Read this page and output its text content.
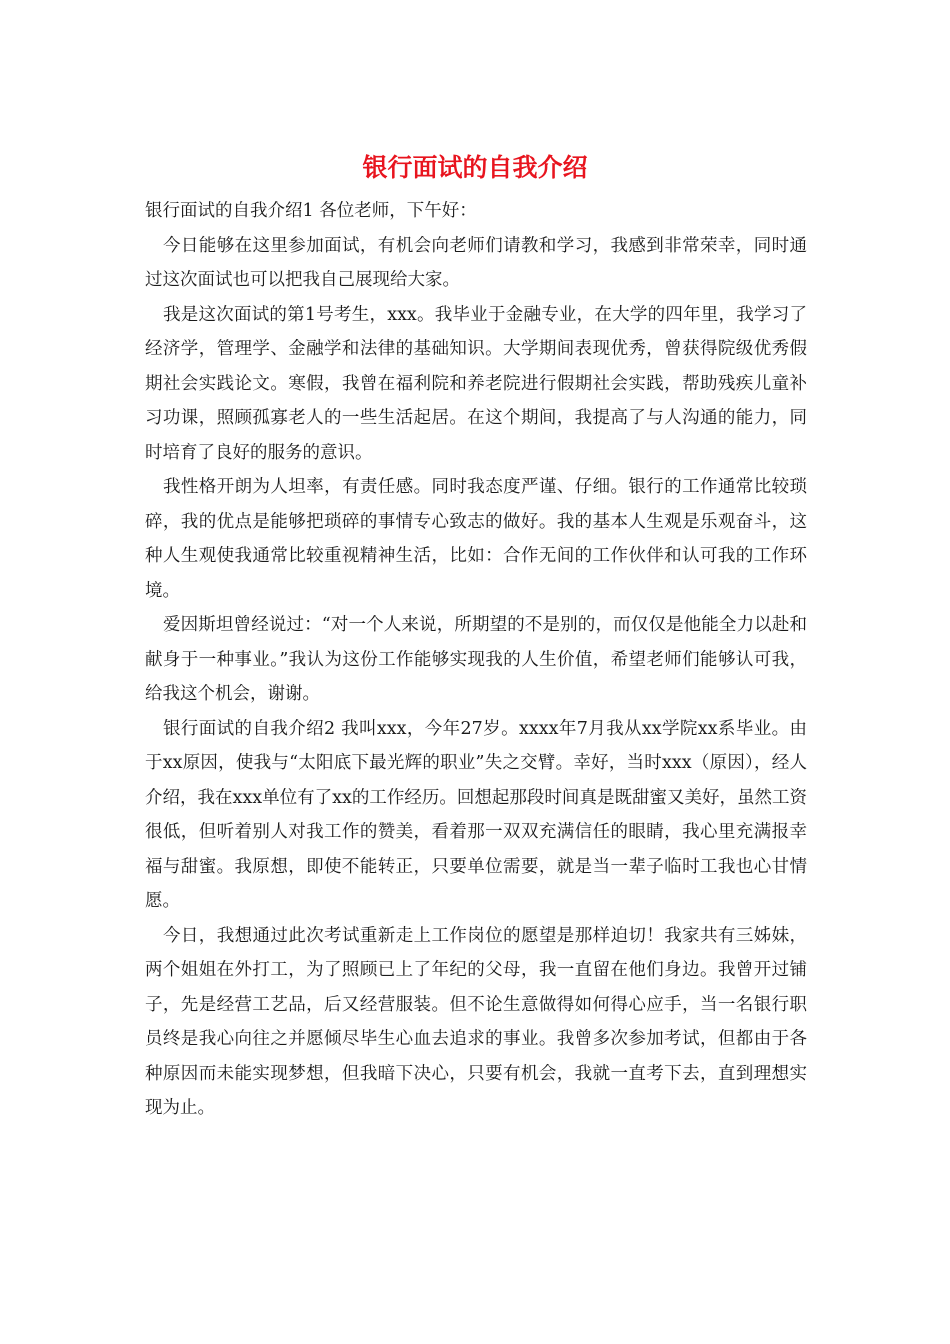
银行面试的自我介绍

银行面试的自我介绍1 各位老师，下午好：

今日能够在这里参加面试，有机会向老师们请教和学习，我感到非常荣幸，同时通过这次面试也可以把我自己展现给大家。

我是这次面试的第1号考生，xxx。我毕业于金融专业，在大学的四年里，我学习了经济学，管理学、金融学和法律的基础知识。大学期间表现优秀，曾获得院级优秀假期社会实践论文。寒假，我曾在福利院和养老院进行假期社会实践，帮助残疾儿童补习功课，照顾孤寡老人的一些生活起居。在这个期间，我提高了与人沟通的能力，同时培育了良好的服务的意识。

我性格开朗为人坦率，有责任感。同时我态度严谨、仔细。银行的工作通常比较琐碎，我的优点是能够把琐碎的事情专心致志的做好。我的基本人生观是乐观奋斗，这种人生观使我通常比较重视精神生活，比如：合作无间的工作伙伴和认可我的工作环境。

爱因斯坦曾经说过：“对一个人来说，所期望的不是别的，而仅仅是他能全力以赴和献身于一种事业。”我认为这份工作能够实现我的人生价值，希望老师们能够认可我，给我这个机会，谢谢。

银行面试的自我介绍2 我叫xxx，今年27岁。xxxx年7月我从xx学院xx系毕业。由于xx原因，使我与“太阳底下最光辉的职业”失之交臂。幸好，当时xxx（原因），经人介绍，我在xxx单位有了xx的工作经历。回想起那段时间真是既甜蜜又美好，虽然工资很低，但听着别人对我工作的赞美，看着那一双双充满信任的眼睛，我心里充满报幸福与甜蜜。我原想，即使不能转正，只要单位需要，就是当一辈子临时工我也心甘情愿。

今日，我想通过此次考试重新走上工作岗位的愿望是那样迫切！我家共有三姊妹，两个姐姐在外打工，为了照顾已上了年纪的父母，我一直留在他们身边。我曾开过铺子，先是经营工艺品，后又经营服装。但不论生意做得如何得心应手，当一名银行职员终是我心向往之并愿倾尽毕生心血去追求的事业。我曾多次参加考试，但都由于各种原因而未能实现梦想，但我暗下决心，只要有机会，我就一直考下去，直到理想实现为止。
